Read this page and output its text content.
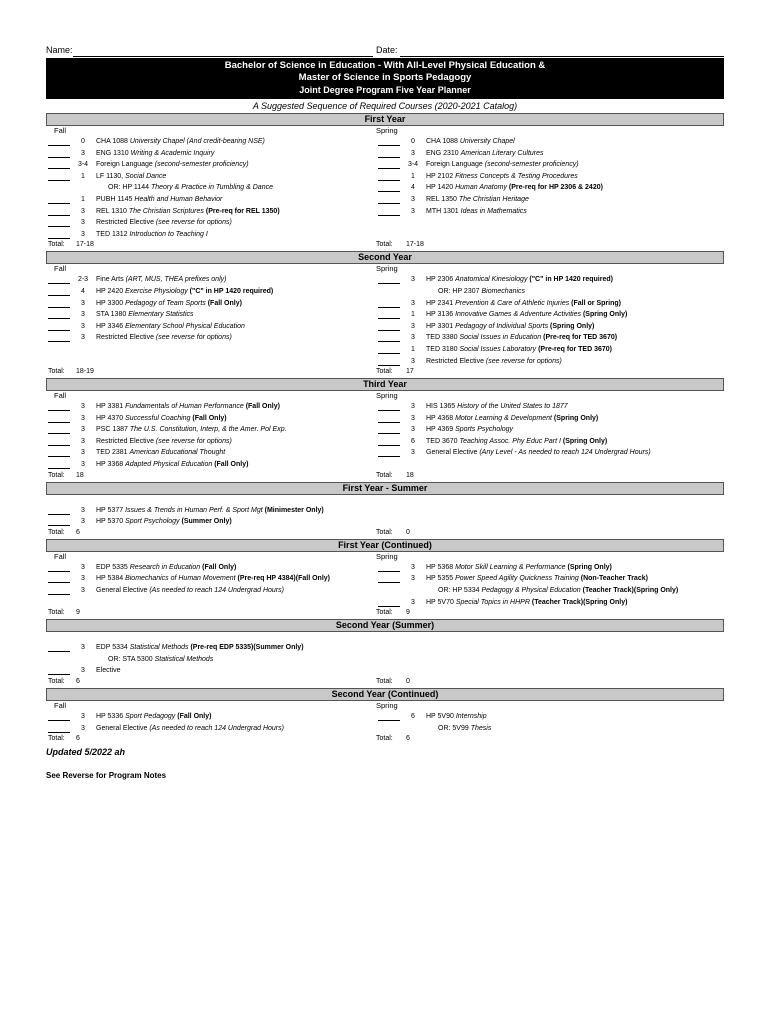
Name:	Date:
Bachelor of Science in Education - With All-Level Physical Education &
Master of Science in Sports Pedagogy
Joint Degree Program Five Year Planner
A Suggested Sequence of Required Courses (2020-2021 Catalog)
First Year
Fall
0	CHA 1088 University Chapel (And credit-bearing NSE)
3	ENG 1310 Writing & Academic Inquiry
3-4	Foreign Language (second-semester proficiency)
1	LF 1130, Social Dance
OR: HP 1144 Theory & Practice in Tumbling & Dance
1	PUBH 1145 Health and Human Behavior
3	REL 1310 The Christian Scriptures (Pre-req for REL 1350)
3	Restricted Elective (see reverse for options)
3	TED 1312 Introduction to Teaching I
Total: 17-18
Spring
0	CHA 1088 University Chapel
3	ENG 2310 American Literary Cultures
3-4	Foreign Language (second-semester proficiency)
1	HP 2102 Fitness Concepts & Testing Procedures
4	HP 1420 Human Anatomy (Pre-req for HP 2306 & 2420)
3	REL 1350 The Christian Heritage
3	MTH 1301 Ideas in Mathematics
Total: 17-18
Second Year
Fall
2-3	Fine Arts (ART, MUS, THEA prefixes only)
4	HP 2420 Exercise Physiology ("C" in HP 1420 required)
3	HP 3300 Pedagogy of Team Sports (Fall Only)
3	STA 1380 Elementary Statistics
3	HP 3346 Elementary School Physical Education
3	Restricted Elective (see reverse for options)
Total: 18-19
Spring
3	HP 2306 Anatomical Kinesiology ("C" in HP 1420 required)
OR: HP 2307 Biomechanics
3	HP 2341 Prevention & Care of Athletic Injuries (Fall or Spring)
1	HP 3136 Innovative Games & Adventure Activities (Spring Only)
3	HP 3301 Pedagogy of Individual Sports (Spring Only)
3	TED 3380 Social Issues in Education (Pre-req for TED 3670)
1	TED 3180 Social Issues Laboratory (Pre-req for TED 3670)
3	Restricted Elective (see reverse for options)
Total: 17
Third Year
Fall
3	HP 3381 Fundamentals of Human Performance (Fall Only)
3	HP 4370 Successful Coaching (Fall Only)
3	PSC 1387 The U.S. Constitution, Interp, & the Amer. Pol Exp.
3	Restricted Elective (see reverse for options)
3	TED 2381 American Educational Thought
3	HP 3368 Adapted Physical Education (Fall Only)
Total: 18
Spring
3	HIS 1365 History of the United States to 1877
3	HP 4368 Motor Learning & Development (Spring Only)
3	HP 4369 Sports Psychology
6	TED 3670 Teaching Assoc. Phy Educ Part I (Spring Only)
3	General Elective (Any Level - As needed to reach 124 Undergrad Hours)
Total: 18
First Year - Summer
3	HP 5377 Issues & Trends in Human Perf. & Sport Mgt (Minimester Only)
3	HP 5370 Sport Psychology (Summer Only)
Total: 6	Total: 0
First Year (Continued)
Fall
3	EDP 5335 Research in Education (Fall Only)
3	HP 5384 Biomechanics of Human Movement (Pre-req HP 4384)(Fall Only)
3	General Elective (As needed to reach 124 Undergrad Hours)
Total: 9
Spring
3	HP 5368 Motor Skill Learning & Performance (Spring Only)
3	HP 5355 Power Speed Agility Quickness Training (Non-Teacher Track)
OR: HP 5334 Pedagogy & Physical Education (Teacher Track)(Spring Only)
3	HP 5V70 Special Topics in HHPR (Teacher Track)(Spring Only)
Total: 9
Second Year (Summer)
3	EDP 5334 Statistical Methods (Pre-req EDP 5335)(Summer Only)
OR: STA 5300 Statistical Methods
3	Elective
Total: 6	Total: 0
Second Year (Continued)
Fall
3	HP 5336 Sport Pedagogy (Fall Only)
3	General Elective (As needed to reach 124 Undergrad Hours)
Total: 6
Spring
6	HP 5V90 Internship
OR: 5V99 Thesis
Total: 6
Updated 5/2022 ah
See Reverse for Program Notes
